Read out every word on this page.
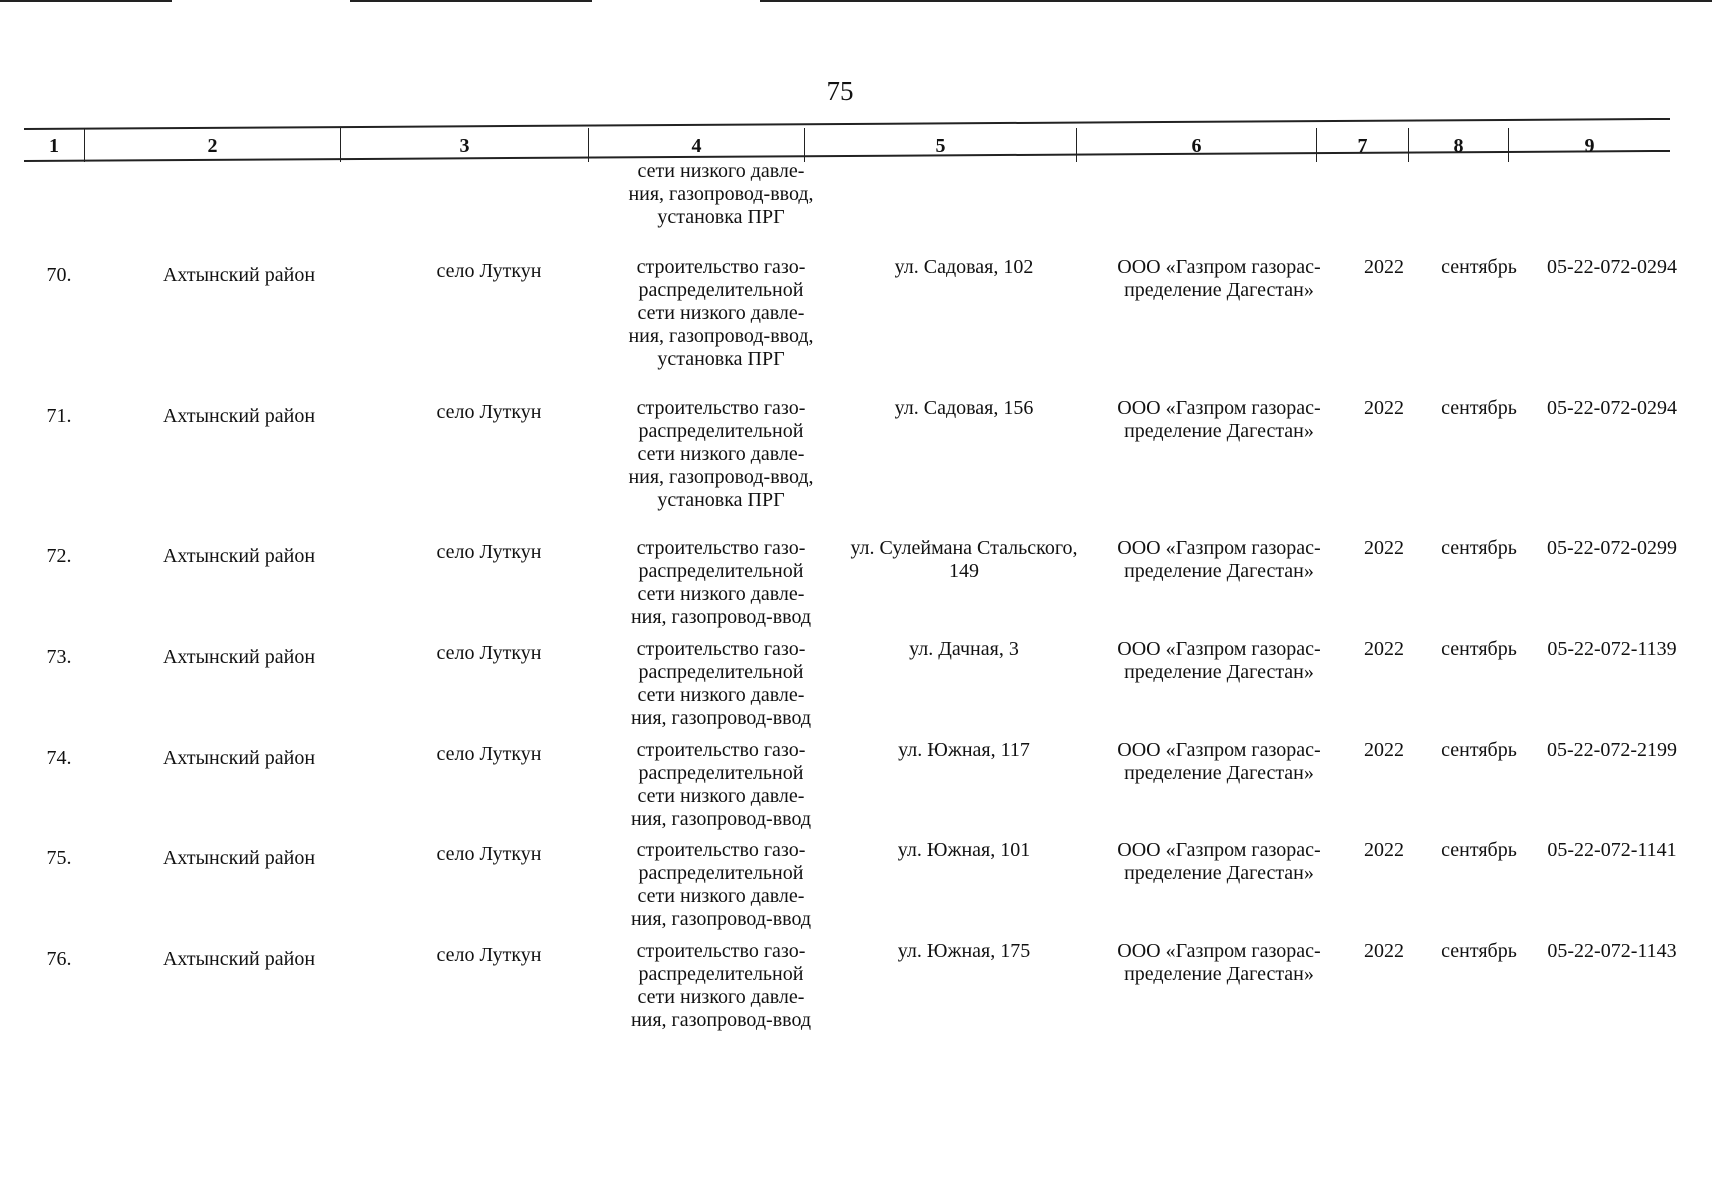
75
1	2	3	4	5	6	7	8	9
сети низкого давле-
ния, газопровод-ввод,
установка ПРГ
70.	Ахтынский район	село Луткун	строительство газо-
распределительной
сети низкого давле-
ния, газопровод-ввод,
установка ПРГ
ул. Садовая, 102	ООО «Газпром газорас-
пределение Дагестан»
2022	сентябрь	05-22-072-0294
71.	Ахтынский район	село Луткун	строительство газо-
распределительной
сети низкого давле-
ния, газопровод-ввод,
установка ПРГ
ул. Садовая, 156	ООО «Газпром газорас-
пределение Дагестан»
2022	сентябрь	05-22-072-0294
72.	Ахтынский район	село Луткун	строительство газо-
распределительной
сети низкого давле-
ния, газопровод-ввод
ул. Сулеймана Стальского,
149
ООО «Газпром газорас-
пределение Дагестан»
2022	сентябрь	05-22-072-0299
73.	Ахтынский район	село Луткун	строительство газо-
распределительной
сети низкого давле-
ния, газопровод-ввод
ул. Дачная, 3	ООО «Газпром газорас-
пределение Дагестан»
2022	сентябрь	05-22-072-1139
74.	Ахтынский район	село Луткун	строительство газо-
распределительной
сети низкого давле-
ния, газопровод-ввод
ул. Южная, 117	ООО «Газпром газорас-
пределение Дагестан»
2022	сентябрь	05-22-072-2199
75.	Ахтынский район	село Луткун	строительство газо-
распределительной
сети низкого давле-
ния, газопровод-ввод
ул. Южная, 101	ООО «Газпром газорас-
пределение Дагестан»
2022	сентябрь	05-22-072-1141
76.	Ахтынский район	село Луткун	строительство газо-
распределительной
сети низкого давле-
ния, газопровод-ввод
ул. Южная, 175	ООО «Газпром газорас-
пределение Дагестан»
2022	сентябрь	05-22-072-1143
